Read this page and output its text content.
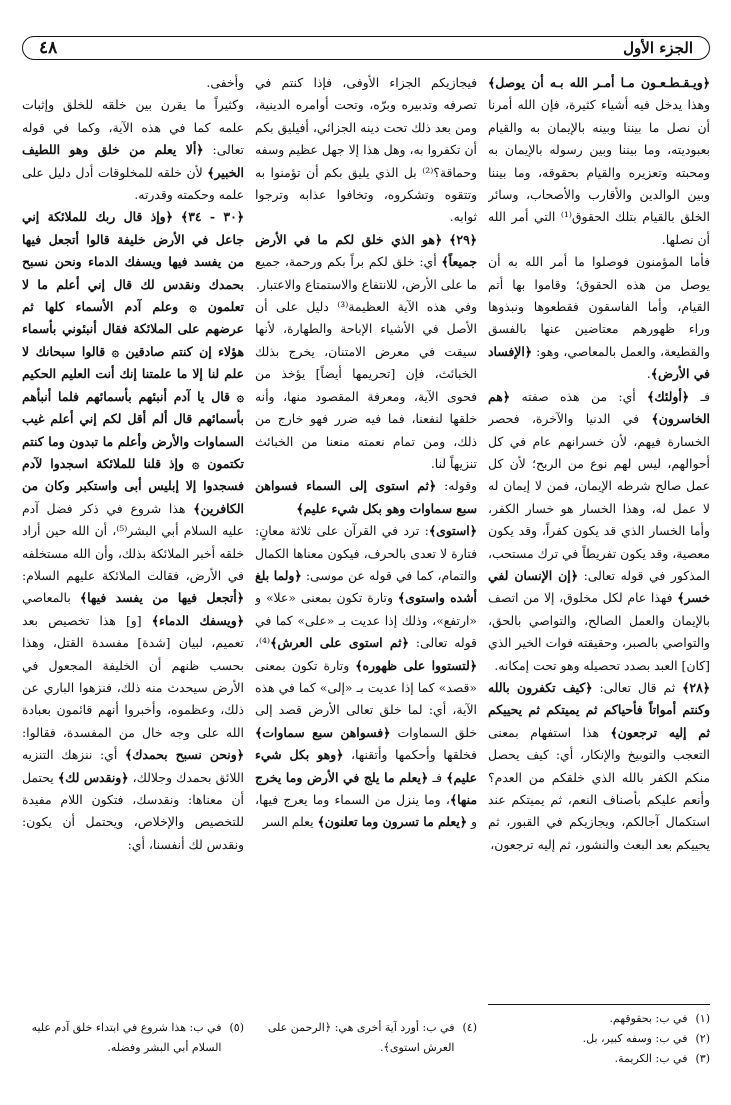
٤٨	الجزء الأول

﴿ويـقـطـعـون مـا أمـر الله بـه أن يوصل﴾ وهذا يدخل فيه أشياء كثيرة، فإن الله أمرنا أن نصل ما بيننا وبينه بالإيمان به والقيام بعبوديته، وما بيننا وبين رسوله بالإيمان به ومحبته وتعزيره والقيام بحقوقه، وما بيننا وبين الوالدين والأقارب والأصحاب، وسائر الخلق بالقيام بتلك الحقوق⁽¹⁾ التي أمر الله أن نصلها.

فأما المؤمنون فوصلوا ما أمر الله به أن يوصل من هذه الحقوق؛ وقاموا بها أتم القيام، وأما الفاسقون فقطعوها ونبذوها وراء ظهورهم معتاضين عنها بالفسق والقطيعة، والعمل بالمعاصي، وهو: ﴿الإفساد في الأرض﴾.

فـ ﴿أولئك﴾ أي: من هذه صفته ﴿هم الخاسرون﴾ في الدنيا والآخرة، فحصر الخسارة فيهم، لأن خسرانهم عام في كل أحوالهم، ليس لهم نوع من الربح؛ لأن كل عمل صالح شرطه الإيمان، فمن لا إيمان له لا عمل له، وهذا الخسار هو خسار الكفر، وأما الخسار الذي قد يكون كفراً، وقد يكون معصية، وقد يكون تفريطاً في ترك مستحب، المذكور في قوله تعالى: ﴿إن الإنسان لفي خسر﴾ فهذا عام لكل مخلوق، إلا من اتصف بالإيمان والعمل الصالح، والتواصي بالحق، والتواصي بالصبر، وحقيقته فوات الخير الذي [كان] العبد بصدد تحصيله وهو تحت إمكانه.

﴿٢٨﴾ ثم قال تعالى: ﴿كيف تكفرون بالله وكنتم أمواتاً فأحياكم ثم يميتكم ثم يحييكم ثم إليه ترجعون﴾ هذا استفهام بمعنى التعجب والتوبيخ والإنكار، أي: كيف يحصل منكم الكفر بالله الذي خلقكم من العدم؟ وأنعم عليكم بأصناف النعم، ثم يميتكم عند استكمال آجالكم، ويجازيكم في القبور، ثم يحييكم بعد البعث والنشور، ثم إليه ترجعون،

فيجازيكم الجزاء الأوفى، فإذا كنتم في تصرفه وتدبيره وبرّه، وتحت أوامره الدينية، ومن بعد ذلك تحت دينه الجزائي، أفيليق بكم أن تكفروا به، وهل هذا إلا جهل عظيم وسفه وحماقة؟⁽²⁾ بل الذي يليق بكم أن تؤمنوا به وتتقوه وتشكروه، وتخافوا عذابه وترجوا ثوابه.

﴿٢٩﴾ ﴿هو الذي خلق لكم ما في الأرض جميعاً﴾ أي: خلق لكم براً بكم ورحمة، جميع ما على الأرض، للانتفاع والاستمتاع والاعتبار.

وفي هذه الآية العظيمة⁽³⁾ دليل على أن الأصل في الأشياء الإباحة والطهارة، لأنها سيقت في معرض الامتنان، يخرج بذلك الخبائث، فإن [تحريمها أيضاً] يؤخذ من فحوى الآية، ومعرفة المقصود منها، وأنه خلقها لنفعنا، فما فيه ضرر فهو خارج من ذلك، ومن تمام نعمته منعنا من الخبائث تنزيهاً لنا.

وقوله: ﴿ثم استوى إلى السماء فسواهن سبع سماوات وهو بكل شيء عليم﴾

﴿استوى﴾: ترد في القرآن على ثلاثة معانٍ: فتارة لا تعدى بالحرف، فيكون معناها الكمال والتمام، كما في قوله عن موسى: ﴿ولما بلغ أشده واستوى﴾ وتارة تكون بمعنى «علا» و «ارتفع»، وذلك إذا عديت بـ «على» كما في قوله تعالى: ﴿ثم استوى على العرش﴾⁽⁴⁾، ﴿لتستووا على ظهوره﴾ وتارة تكون بمعنى «قصد» كما إذا عديت بـ «إلى» كما في هذه الآية، أي: لما خلق تعالى الأرض قصد إلى خلق السماوات ﴿فسواهن سبع سماوات﴾ فخلقها وأحكمها وأتقنها، ﴿وهو بكل شيء عليم﴾ فـ ﴿يعلم ما يلج في الأرض وما يخرج منها﴾، وما ينزل من السماء وما يعرج فيها، و ﴿يعلم ما تسرون وما تعلنون﴾ يعلم السر

وأخفى.

وكثيراً ما يقرن بين خلقه للخلق وإثبات علمه كما في هذه الآية، وكما في قوله تعالى: ﴿ألا يعلم من خلق وهو اللطيف الخبير﴾ لأن خلقه للمخلوقات أدل دليل على علمه وحكمته وقدرته.

﴿٣٠ - ٣٤﴾ ﴿وإذ قال ربك للملائكة إني جاعل في الأرض خليفة قالوا أتجعل فيها من يفسد فيها ويسفك الدماء ونحن نسبح بحمدك ونقدس لك قال إني أعلم ما لا تعلمون ۞ وعلم آدم الأسماء كلها ثم عرضهم على الملائكة فقال أنبئوني بأسماء هؤلاء إن كنتم صادقين ۞ قالوا سبحانك لا علم لنا إلا ما علمتنا إنك أنت العليم الحكيم ۞ قال يا آدم أنبئهم بأسمائهم فلما أنبأهم بأسمائهم قال ألم أقل لكم إني أعلم غيب السماوات والأرض وأعلم ما تبدون وما كنتم تكتمون ۞ وإذ قلنا للملائكة اسجدوا لآدم فسجدوا إلا إبليس أبى واستكبر وكان من الكافرين﴾ هذا شروع في ذكر فضل آدم عليه السلام أبي البشر⁽⁵⁾، أن الله حين أراد خلقه أخبر الملائكة بذلك، وأن الله مستخلفه في الأرض، فقالت الملائكة عليهم السلام: ﴿أتجعل فيها من يفسد فيها﴾ بالمعاصي ﴿ويسفك الدماء﴾ [و] هذا تخصيص بعد تعميم، لبيان [شدة] مفسدة القتل، وهذا بحسب ظنهم أن الخليفة المجعول في الأرض سيحدث منه ذلك، فنزهوا الباري عن ذلك، وعظموه، وأخبروا أنهم قائمون بعبادة الله على وجه خال من المفسدة، فقالوا: ﴿ونحن نسبح بحمدك﴾ أي: ننزهك التنزيه اللائق بحمدك وجلالك، ﴿ونقدس لك﴾ يحتمل أن معناها: ونقدسك، فتكون اللام مفيدة للتخصيص والإخلاص، ويحتمل أن يكون: ونقدس لك أنفسنا، أي:

(١)
في ب: بحقوقهم.
(٢)
في ب: وسفه كبير، بل.
(٣)
في ب: الكريمة.
(٤)
في ب: أورد آية أخرى هي: ﴿الرحمن على العرش استوى﴾.
(٥)
في ب: هذا شروع في ابتداء خلق آدم عليه السلام أبي البشر وفضله.
